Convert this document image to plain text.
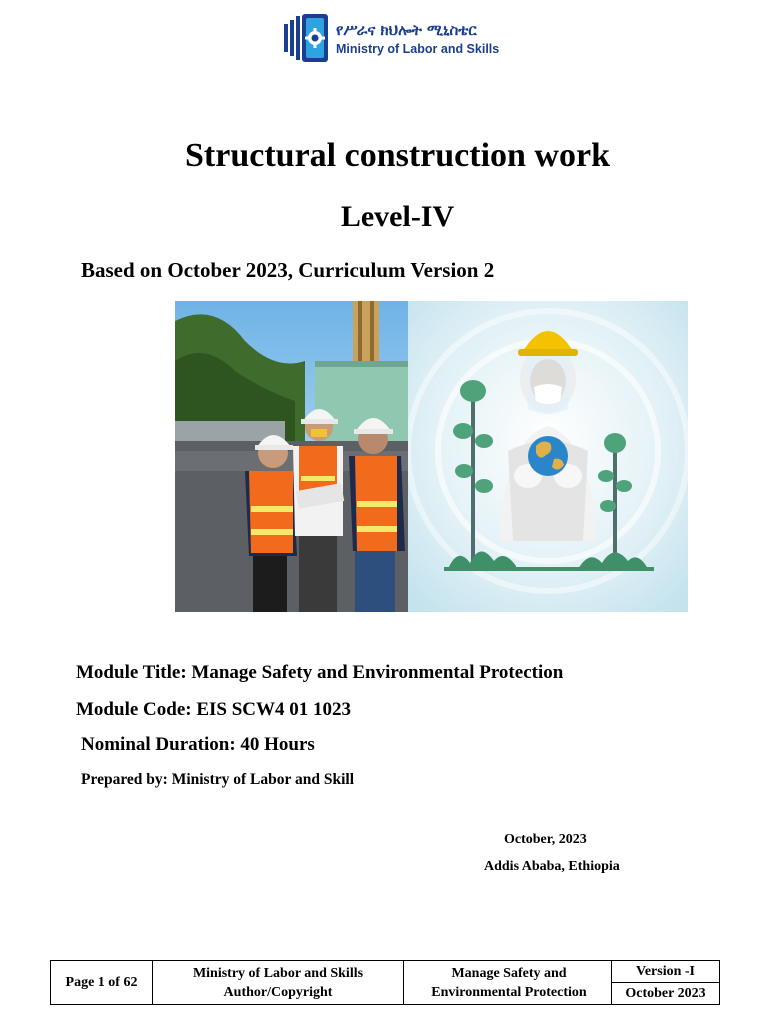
የሥራና ክህሎት ሚኒስቴር
Ministry of Labor and Skills
Structural construction work
Level-IV
Based on October 2023, Curriculum Version 2
Module Title: Manage Safety and Environmental Protection
Module Code: EIS SCW4 01 1023
Nominal Duration: 40 Hours
Prepared by: Ministry of Labor and Skill
October, 2023
Addis Ababa, Ethiopia
Page 1 of 62
Ministry of Labor and Skills
Author/Copyright
Manage Safety and
Environmental Protection
Version -I
October 2023
